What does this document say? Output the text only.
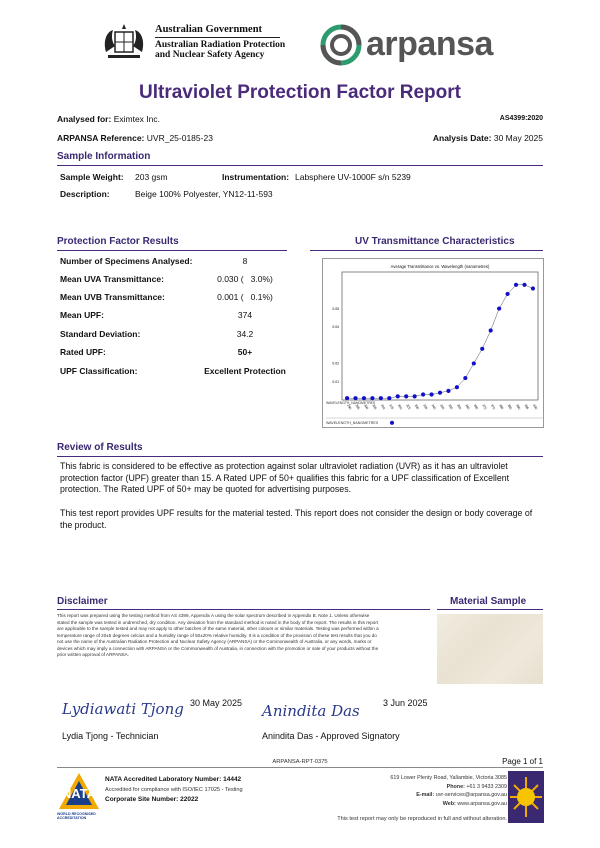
Australian Government
Australian Radiation Protection
and Nuclear Safety Agency	arpansa
Ultraviolet Protection Factor Report
Analysed for: Eximtex Inc.	AS4399:2020
ARPANSA Reference: UVR_25-0185-23	Analysis Date: 30 May 2025
Sample Information
Sample Weight: 203 gsm	Instrumentation: Labsphere UV-1000F s/n 5239
Description:	Beige 100% Polyester, YN12-11-593
Protection Factor Results
Number of Specimens Analysed:	8
Mean UVA Transmittance:	0.030 (   3.0%)
Mean UVB Transmittance:	0.001 (   0.1%)
Mean UPF:	374
Standard Deviation:	34.2
Rated UPF:	50+
UPF Classification:	Excellent Protection
UV Transmittance Characteristics
Average Transmittance vs. Wavelength (nanometres)
0.01
0.02
0.04
0.05
290 295 300 305 310 315 320 325 330 335 340 345 350 355 360 365 370 375 380 385 390 395 400
WAVELENGTH_NANOMETRES
WAVELENGTH_NANOMETRES
Review of Results
This fabric is considered to be effective as protection against solar ultraviolet radiation (UVR) as it has an ultraviolet protection factor (UPF) greater than 15. A Rated UPF of 50+ qualifies this fabric for a UPF classification of Excellent protection. The Rated UPF of 50+ may be quoted for advertising purposes.
This test report provides UPF results for the material tested. This report does not consider the design or body coverage of the product.
Disclaimer
This report was prepared using the testing method from AS 4399, Appendix A using the solar spectrum described in Appendix B. Note 1. Unless otherwise stated the sample was tested in undrenched, dry condition. Any deviation from the standard method is noted in the body of the report. The results in this report are applicable to the sample tested and may not apply to other batches of the same material, other colours or similar materials. Testing was performed within a temperature range of 20±5 degrees celcius and a humidity range of 50±20% relative humidity. It is a condition of the provision of these test results that you do not use the name of the Australian Radiation Protection and Nuclear Safety Agency (ARPANSA) or the Commonwealth of Australia, or any words, marks or devices which may imply a connection with ARPANSA or the Commonwealth of Australia, in connection with the promotion or sale of your products without the prior written approval of ARPANSA.
Material Sample
Lydiawati Tjong 30 May 2025
Lydia Tjong - Technician
Anindita Das	3 Jun 2025
Anindita Das - Approved Signatory
ARPANSA-RPT-0375	Page 1 of 1
NATA
WORLD RECOGNISED
ACCREDITATION
NATA Accredited Laboratory Number: 14442
Accredited for compliance with ISO/IEC 17025 - Testing
Corporate Site Number: 22022
619 Lower Plenty Road, Yallambie, Victoria 3085
Phone: +61 3 9433 2309
E-mail: uvr-services@arpansa.gov.au
Web: www.arpansa.gov.au
This test report may only be reproduced in full and without alteration.
